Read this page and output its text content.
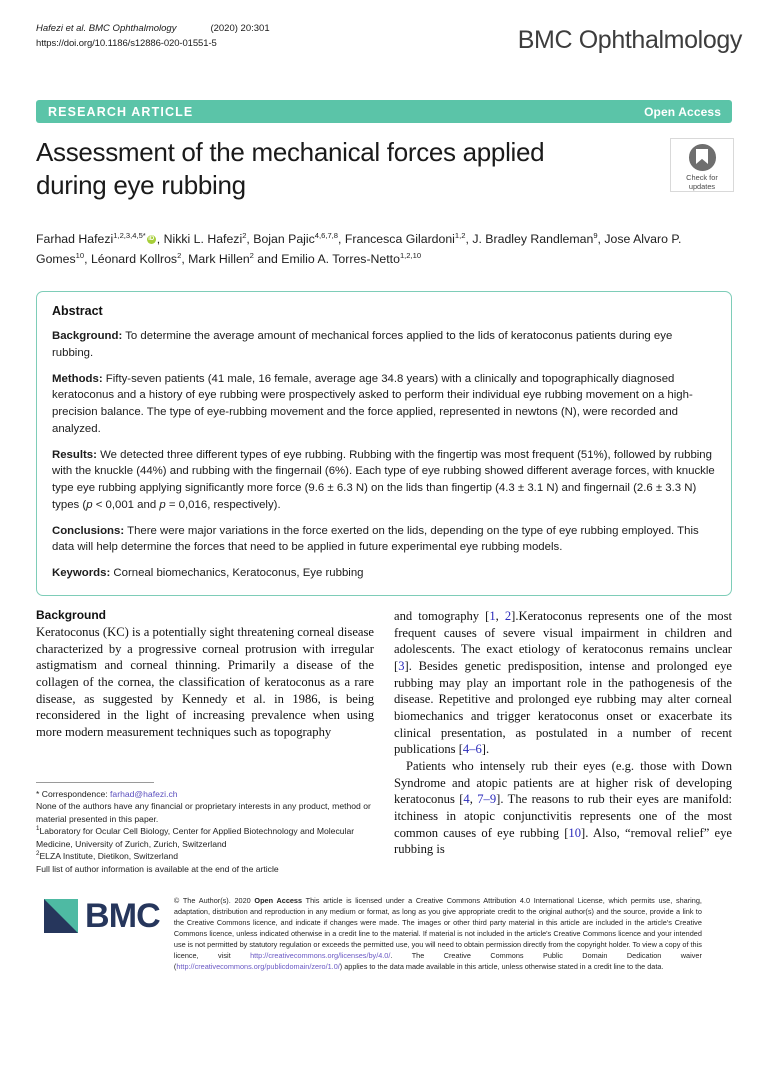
Hafezi et al. BMC Ophthalmology	(2020) 20:301
https://doi.org/10.1186/s12886-020-01551-5	BMC Ophthalmology
RESEARCH ARTICLE	Open Access
Assessment of the mechanical forces applied during eye rubbing	Check for
updates
Farhad Hafezi$^{1,2,3,4,5*}$ iD , Nikki L. Hafezi$^2$, Bojan Pajic$^{4,6,7,8}$, Francesca Gilardoni$^{1,2}$, J. Bradley Randleman$^9$, Jose Alvaro P. Gomes$^{10}$, Léonard Kollros$^2$, Mark Hillen$^2$ and Emilio A. Torres-Netto$^{1,2,10}$
Abstract

Background: To determine the average amount of mechanical forces applied to the lids of keratoconus patients during eye rubbing.

Methods: Fifty-seven patients (41 male, 16 female, average age 34.8 years) with a clinically and topographically diagnosed keratoconus and a history of eye rubbing were prospectively asked to perform their individual eye rubbing movement on a high-precision balance. The type of eye-rubbing movement and the force applied, represented in newtons (N), were recorded and analyzed.

Results: We detected three different types of eye rubbing. Rubbing with the fingertip was most frequent (51%), followed by rubbing with the knuckle (44%) and rubbing with the fingernail (6%). Each type of eye rubbing showed different average forces, with knuckle type eye rubbing applying significantly more force (9.6 ± 6.3 N) on the lids than fingertip (4.3 ± 3.1 N) and fingernail (2.6 ± 3.3 N) types (p < 0,001 and p = 0,016, respectively).

Conclusions: There were major variations in the force exerted on the lids, depending on the type of eye rubbing employed. This data will help determine the forces that need to be applied in future experimental eye rubbing models.

Keywords: Corneal biomechanics, Keratoconus, Eye rubbing

Background

Keratoconus (KC) is a potentially sight threatening corneal disease characterized by a progressive corneal protrusion with irregular astigmatism and corneal thinning. Primarily a disease of the collagen of the cornea, the classification of keratoconus as a rare disease, as suggested by Kennedy et al. in 1986, is being reconsidered in the light of increasing prevalence when using more modern measurement techniques such as topography

and tomography [1, 2].Keratoconus represents one of the most frequent causes of severe visual impairment in children and adolescents. The exact etiology of keratoconus remains unclear [3]. Besides genetic predisposition, intense and prolonged eye rubbing may play an important role in the pathogenesis of the disease. Repetitive and prolonged eye rubbing may alter corneal biomechanics and trigger keratoconus onset or exacerbate its clinical presentation, as postulated in a number of recent publications [4–6].

Patients who intensely rub their eyes (e.g. those with Down Syndrome and atopic patients are at higher risk of developing keratoconus [4, 7–9]. The reasons to rub their eyes are manifold: itchiness in atopic conjunctivitis represents one of the most common causes of eye rubbing [10]. Also, “removal relief” eye rubbing is

* Correspondence: farhad@hafezi.ch
None of the authors have any financial or proprietary interests in any product, method or material presented in this paper.
$^1$Laboratory for Ocular Cell Biology, Center for Applied Biotechnology and Molecular Medicine, University of Zurich, Zurich, Switzerland
$^2$ELZA Institute, Dietikon, Switzerland
Full list of author information is available at the end of the article
BMC © The Author(s). 2020 Open Access This article is licensed under a Creative Commons Attribution 4.0 International License, which permits use, sharing, adaptation, distribution and reproduction in any medium or format, as long as you give appropriate credit to the original author(s) and the source, provide a link to the Creative Commons licence, and indicate if changes were made. The images or other third party material in this article are included in the article's Creative Commons licence, unless indicated otherwise in a credit line to the material. If material is not included in the article's Creative Commons licence and your intended use is not permitted by statutory regulation or exceeds the permitted use, you will need to obtain permission directly from the copyright holder. To view a copy of this licence, visit http://creativecommons.org/licenses/by/4.0/. The Creative Commons Public Domain Dedication waiver (http://creativecommons.org/publicdomain/zero/1.0/) applies to the data made available in this article, unless otherwise stated in a credit line to the data.
